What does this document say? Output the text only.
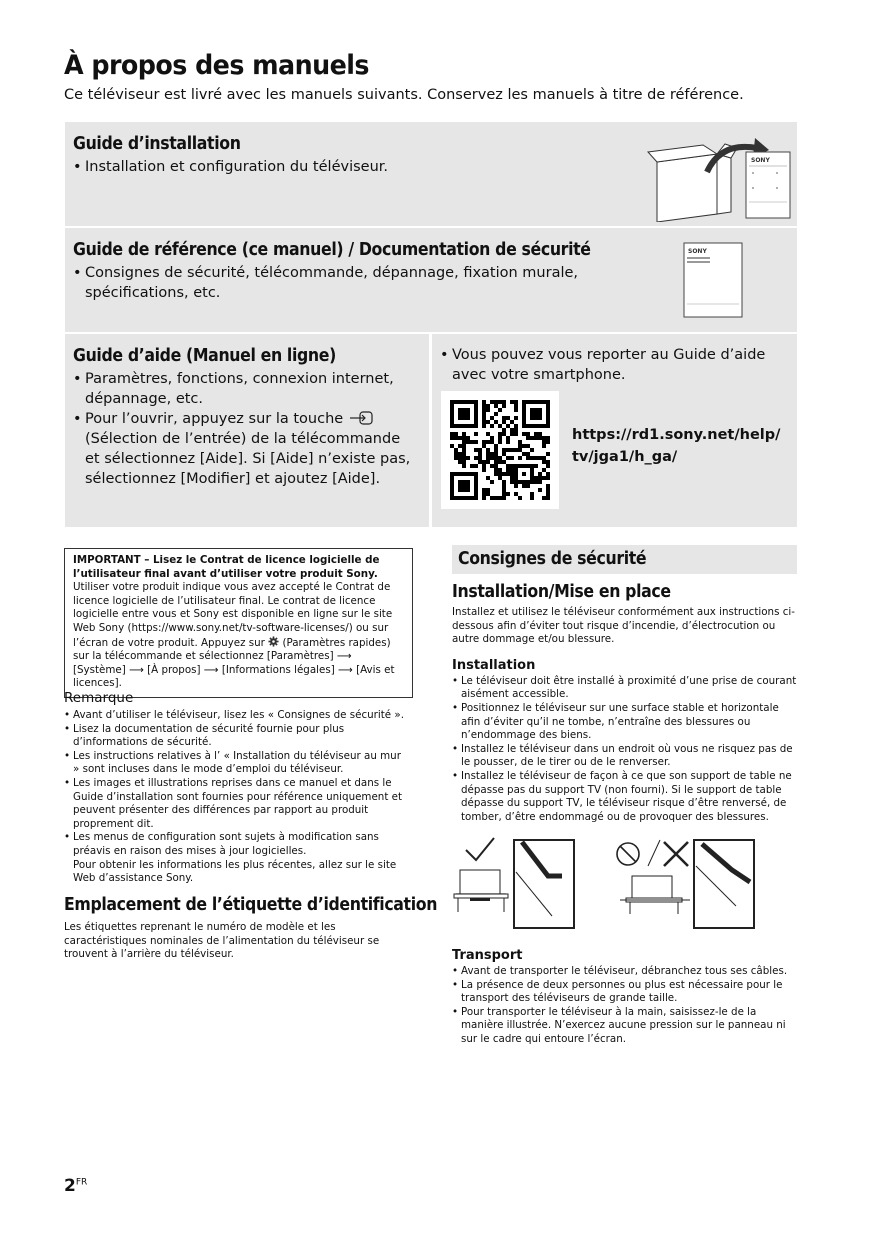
À propos des manuels
Ce téléviseur est livré avec les manuels suivants. Conservez les manuels à titre de référence.
Guide d’installation
• Installation et configuration du téléviseur.	SONY
Guide de référence (ce manuel) / Documentation de sécurité
• Consignes de sécurité, télécommande, dépannage, fixation murale, spécifications, etc.
SONY
Guide d’aide (Manuel en ligne)
• Paramètres, fonctions, connexion internet, dépannage, etc.
• Pour l’ouvrir, appuyez sur la touche  (Sélection de l’entrée) de la télécommande et sélectionnez [Aide]. Si [Aide] n’existe pas, sélectionnez [Modifier] et ajoutez [Aide].
• Vous pouvez vous reporter au Guide d’aide avec votre smartphone.
https://rd1.sony.net/help/
tv/jga1/h_ga/
IMPORTANT – Lisez le Contrat de licence logicielle de l’utilisateur final avant d’utiliser votre produit Sony. Utiliser votre produit indique vous avez accepté le Contrat de licence logicielle de l’utilisateur final. Le contrat de licence logicielle entre vous et Sony est disponible en ligne sur le site Web Sony (https://www.sony.net/tv-software-licenses/) ou sur l’écran de votre produit. Appuyez sur (Paramètres rapides) sur la télécommande et sélectionnez [Paramètres] ⟶ [Système] ⟶ [À propos] ⟶ [Informations légales] ⟶ [Avis et licences].
Remarque
• Avant d’utiliser le téléviseur, lisez les « Consignes de sécurité ».
• Lisez la documentation de sécurité fournie pour plus d’informations de sécurité.
• Les instructions relatives à l’ « Installation du téléviseur au mur » sont incluses dans le mode d’emploi du téléviseur.
• Les images et illustrations reprises dans ce manuel et dans le Guide d’installation sont fournies pour référence uniquement et peuvent présenter des différences par rapport au produit proprement dit.
• Les menus de configuration sont sujets à modification sans préavis en raison des mises à jour logicielles.
Pour obtenir les informations les plus récentes, allez sur le site Web d’assistance Sony.
Emplacement de l’étiquette d’identification
Les étiquettes reprenant le numéro de modèle et les caractéristiques nominales de l’alimentation du téléviseur se trouvent à l’arrière du téléviseur.
Consignes de sécurité
Installation/Mise en place
Installez et utilisez le téléviseur conformément aux instructions ci-dessous afin d’éviter tout risque d’incendie, d’électrocution ou autre dommage et/ou blessure.
Installation
• Le téléviseur doit être installé à proximité d’une prise de courant aisément accessible.
• Positionnez le téléviseur sur une surface stable et horizontale afin d’éviter qu’il ne tombe, n’entraîne des blessures ou n’endommage des biens.
• Installez le téléviseur dans un endroit où vous ne risquez pas de le pousser, de le tirer ou de le renverser.
• Installez le téléviseur de façon à ce que son support de table ne dépasse pas du support TV (non fourni). Si le support de table dépasse du support TV, le téléviseur risque d’être renversé, de tomber, d’être endommagé ou de provoquer des blessures.
Transport
• Avant de transporter le téléviseur, débranchez tous ses câbles.
• La présence de deux personnes ou plus est nécessaire pour le transport des téléviseurs de grande taille.
• Pour transporter le téléviseur à la main, saisissez-le de la manière illustrée. N’exercez aucune pression sur le panneau ni sur le cadre qui entoure l’écran.
$2^{FR}$
